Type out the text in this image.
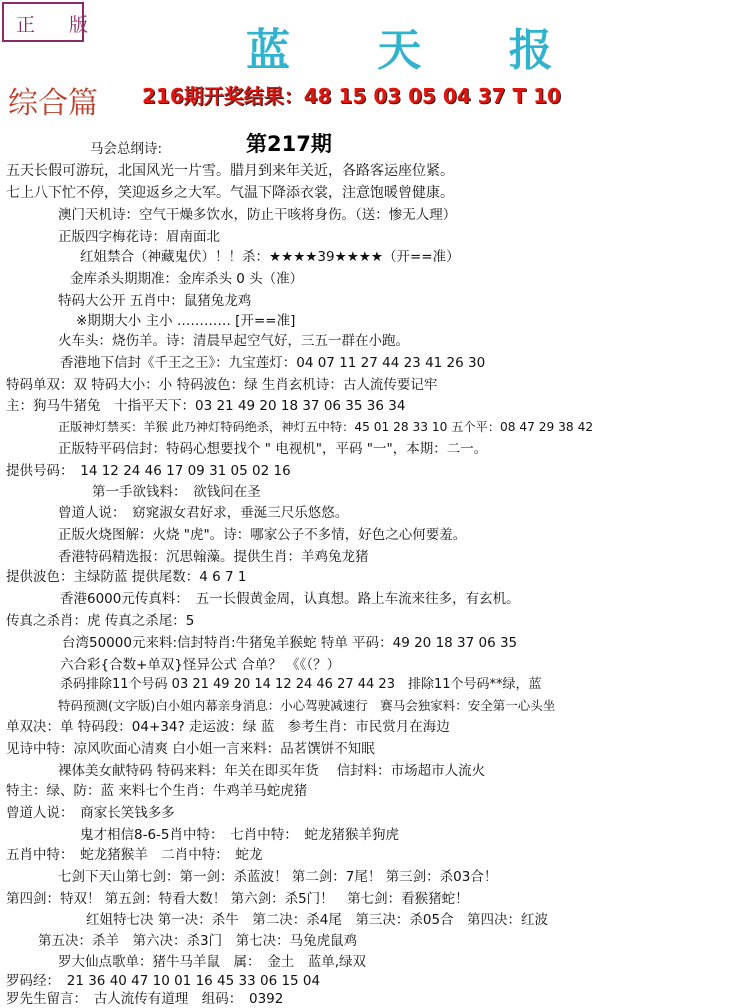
正 版	蓝 天 报
综合篇 216期开奖结果：48 15 03 05 04 37 T 10
第217期
马会总纲诗:
五天长假可游玩，北国风光一片雪。腊月到来年关近，各路客运座位紧。
七上八下忙不停，笑迎返乡之大军。气温下降添衣裳，注意饱暖曾健康。
澳门天机诗：空气干燥多饮水，防止干咳将身伤。（送：惨无人理）
正版四字梅花诗：眉南面北
红姐禁合（神藏鬼伏）！！杀：★★★★39★★★★（开==准）
金库杀头期期准：金库杀头 0 头（准）
特码大公开 五肖中：鼠猪兔龙鸡
※期期大小 主小 ………… [开==准]
火车头：烧伤羊。诗：清晨早起空气好，三五一群在小跑。
香港地下信封《千王之王》：九宝莲灯：04 07 11 27 44 23 41 26 30
特码单双：双 特码大小：小 特码波色：绿 生肖玄机诗：古人流传要记牢
主：狗马牛猪兔　十指平天下：03 21 49 20 18 37 06 35 36 34
正版神灯禁买：羊猴 此乃神灯特码绝杀，神灯五中特：45 01 28 33 10 五个平：08 47 29 38 42
正版特平码信封：特码心想要找个 " 电视机"，平码 "一"，本期：二一。
提供号码：　14 12 24 46 17 09 31 05 02 16
第一手欲钱料：　欲钱问在圣
曾道人说：　窈窕淑女君好求，垂涎三尺乐悠悠。
正版火烧图解：火烧 "虎"。诗：哪家公子不多情，好色之心何要羞。
香港特码精选报：沉思翰藻。提供生肖：羊鸡兔龙猪
提供波色：主绿防蓝 提供尾数：4 6 7 1
香港6000元传真料：　五一长假黄金周，认真想。路上车流来往多，有玄机。
传真之杀肖：虎 传真之杀尾：5
台湾50000元来料:信封特肖:牛猪兔羊猴蛇 特单 平码：49 20 18 37 06 35
六合彩{合数+单双}怪异公式 合单？ 《《（？）
杀码排除11个号码 03 21 49 20 14 12 24 46 27 44 23　排除11个号码**绿，蓝
特码预测(文字版)白小姐内幕亲身消息：小心驾驶减速行　赛马会独家料：安全第一心头坐
单双决：单 特码段：04+34? 走运波：绿 蓝　参考生肖：市民赏月在海边
见诗中特：凉风吹面心清爽 白小姐一言来料：品茗馔饼不知眠
裸体美女献特码 特码来料：年关在即买年货　 信封料：市场超市人流火
特主：绿、防：蓝 来料七个生肖：牛鸡羊马蛇虎猪
曾道人说：　商家长笑钱多多
鬼才相信8-6-5肖中特：　七肖中特：　蛇龙猪猴羊狗虎
五肖中特：　蛇龙猪猴羊　二肖中特：　蛇龙
七剑下天山第七剑：第一剑：杀蓝波！ 第二剑：7尾！ 第三剑：杀03合！
第四剑：特双！ 第五剑：特看大数！ 第六剑：杀5门！　第七剑：看猴猪蛇！
红姐特七决 第一决：杀牛　第二决：杀4尾　第三决：杀05合　第四决：红波
第五决：杀羊　第六决：杀3门　第七决：马兔虎鼠鸡
罗大仙点歌单：猪牛马羊鼠　属：　金土　蓝单,绿双
罗码经：　21 36 40 47 10 01 16 45 33 06 15 04
罗先生留言：　古人流传有道理　组码：　0392
